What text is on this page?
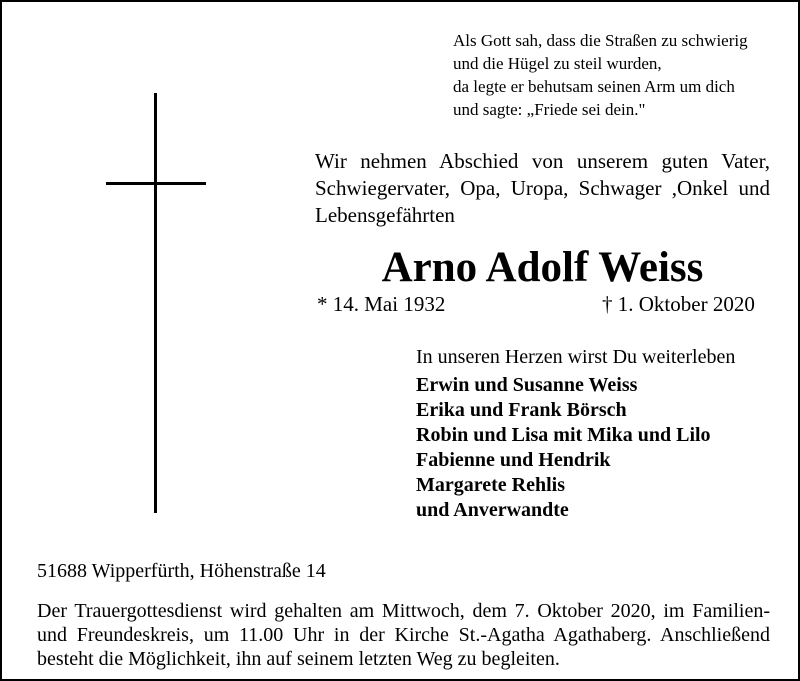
Als Gott sah, dass die Straßen zu schwierig
und die Hügel zu steil wurden,
da legte er behutsam seinen Arm um dich
und sagte: „Friede sei dein."
Wir nehmen Abschied von unserem guten Vater, Schwiegervater, Opa, Uropa, Schwager ,Onkel und Lebensgefährten
Arno Adolf Weiss
* 14. Mai 1932	† 1. Oktober 2020
In unseren Herzen wirst Du weiterleben
Erwin und Susanne Weiss
Erika und Frank Börsch
Robin und Lisa mit Mika und Lilo
Fabienne und Hendrik
Margarete Rehlis
und Anverwandte
51688 Wipperfürth, Höhenstraße 14
Der Trauergottesdienst wird gehalten am Mittwoch, dem 7. Oktober 2020, im Familien- und Freundeskreis, um 11.00 Uhr in der Kirche St.-Agatha Agathaberg. Anschließend besteht die Möglichkeit, ihn auf seinem letzten Weg zu begleiten.
